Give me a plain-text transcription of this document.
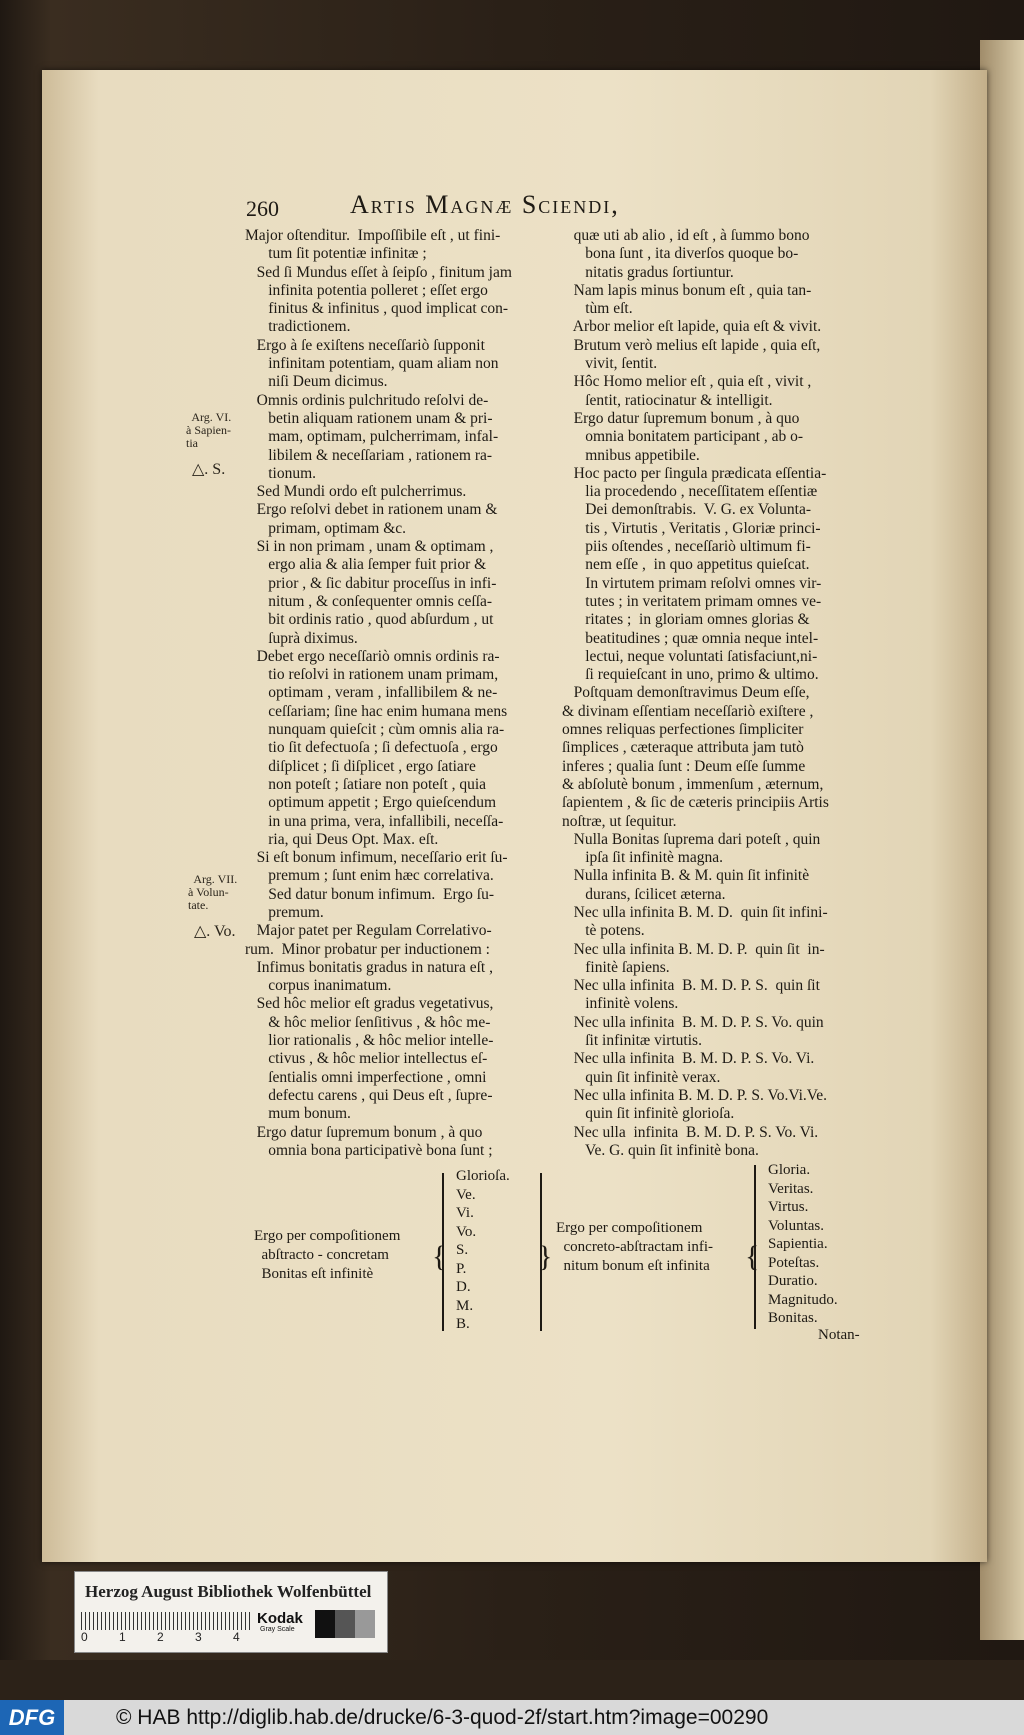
260	Artis Magnæ Sciendi,
Major oſtenditur.  Impoſſibile eſt , ut fini-
tum ſit potentiæ infinitæ ;
Sed ſi Mundus eſſet à ſeipſo , finitum jam
infinita potentia polleret ; eſſet ergo
finitus & infinitus , quod implicat con-
tradictionem.
Ergo à ſe exiſtens neceſſariò ſupponit
infinitam potentiam, quam aliam non
niſi Deum dicimus.
Omnis ordinis pulchritudo reſolvi de-
betin aliquam rationem unam & pri-
mam, optimam, pulcherrimam, infal-
libilem & neceſſariam , rationem ra-
tionum.
Sed Mundi ordo eſt pulcherrimus.
Ergo reſolvi debet in rationem unam &
primam, optimam &c.
Si in non primam , unam & optimam ,
ergo alia & alia ſemper fuit prior &
prior , & ſic dabitur proceſſus in infi-
nitum , & conſequenter omnis ceſſa-
bit ordinis ratio , quod abſurdum , ut
ſuprà diximus.
Debet ergo neceſſariò omnis ordinis ra-
tio reſolvi in rationem unam primam,
optimam , veram , infallibilem & ne-
ceſſariam; ſine hac enim humana mens
nunquam quieſcit ; cùm omnis alia ra-
tio ſit defectuoſa ; ſi defectuoſa , ergo
diſplicet ; ſi diſplicet , ergo ſatiare
non poteſt ; ſatiare non poteſt , quia
optimum appetit ; Ergo quieſcendum
in una prima, vera, infallibili, neceſſa-
ria, qui Deus Opt. Max. eſt.
Si eſt bonum infimum, neceſſario erit ſu-
premum ; ſunt enim hæc correlativa.
Sed datur bonum infimum.  Ergo ſu-
premum.
Major patet per Regulam Correlativo-
rum.  Minor probatur per inductionem :
Infimus bonitatis gradus in natura eſt ,
corpus inanimatum.
Sed hôc melior eſt gradus vegetativus,
& hôc melior ſenſitivus , & hôc me-
lior rationalis , & hôc melior intelle-
ctivus , & hôc melior intellectus eſ-
ſentialis omni imperfectione , omni
defectu carens , qui Deus eſt , ſupre-
mum bonum.
Ergo datur ſupremum bonum , à quo
omnia bona participativè bona ſunt ;
quæ uti ab alio , id eſt , à ſummo bono
bona ſunt , ita diverſos quoque bo-
nitatis gradus ſortiuntur.
Nam lapis minus bonum eſt , quia tan-
tùm eſt.
Arbor melior eſt lapide, quia eſt & vivit.
Brutum verò melius eſt lapide , quia eſt,
vivit, ſentit.
Hôc Homo melior eſt , quia eſt , vivit ,
ſentit, ratiocinatur & intelligit.
Ergo datur ſupremum bonum , à quo
omnia bonitatem participant , ab o-
mnibus appetibile.
Hoc pacto per ſingula prædicata eſſentia-
lia procedendo , neceſſitatem eſſentiæ
Dei demonſtrabis.  V. G. ex Volunta-
tis , Virtutis , Veritatis , Gloriæ princi-
piis oſtendes , neceſſariò ultimum fi-
nem eſſe ,  in quo appetitus quieſcat.
In virtutem primam reſolvi omnes vir-
tutes ; in veritatem primam omnes ve-
ritates ;  in gloriam omnes glorias &
beatitudines ; quæ omnia neque intel-
lectui, neque voluntati ſatisfaciunt,ni-
ſi requieſcant in uno, primo & ultimo.
Poſtquam demonſtravimus Deum eſſe,
& divinam eſſentiam neceſſariò exiſtere ,
omnes reliquas perfectiones ſimpliciter
ſimplices , cæteraque attributa jam tutò
inferes ; qualia ſunt : Deum eſſe ſumme
& abſolutè bonum , immenſum , æternum,
ſapientem , & ſic de cæteris principiis Artis
noſtræ, ut ſequitur.
Nulla Bonitas ſuprema dari poteſt , quin
ipſa ſit infinitè magna.
Nulla infinita B. & M. quin ſit infinitè
durans, ſcilicet æterna.
Nec ulla infinita B. M. D.  quin ſit infini-
tè potens.
Nec ulla infinita B. M. D. P.  quin ſit  in-
finitè ſapiens.
Nec ulla infinita  B. M. D. P. S.  quin ſit
infinitè volens.
Nec ulla infinita  B. M. D. P. S. Vo. quin
ſit infinitæ virtutis.
Nec ulla infinita  B. M. D. P. S. Vo. Vi.
quin ſit infinitè verax.
Nec ulla infinita B. M. D. P. S. Vo.Vi.Ve.
quin ſit infinitè glorioſa.
Nec ulla  infinita  B. M. D. P. S. Vo. Vi.
Ve. G. quin ſit infinitè bona.

Arg. VI.
à Sapien-
tia

△. S.

Arg. VII.
à Volun-
tate.

△. Vo.

Ergo per compoſitionem
abſtracto - concretam
Bonitas eſt infinitè
{
Glorioſa.
Ve.
Vi.
Vo.
S.
P.
D.
M.
B.
}
Ergo per compoſitionem
concreto-abſtractam infi-
nitum bonum eſt infinita {
Gloria.
Veritas.
Virtus.
Voluntas.
Sapientia.
Poteſtas.
Duratio.
Magnitudo.
Bonitas.
Notan-
Herzog August Bibliothek Wolfenbüttel
0 1 2 3 4
Kodak
Gray Scale
DFG	© HAB http://diglib.hab.de/drucke/6-3-quod-2f/start.htm?image=00290
